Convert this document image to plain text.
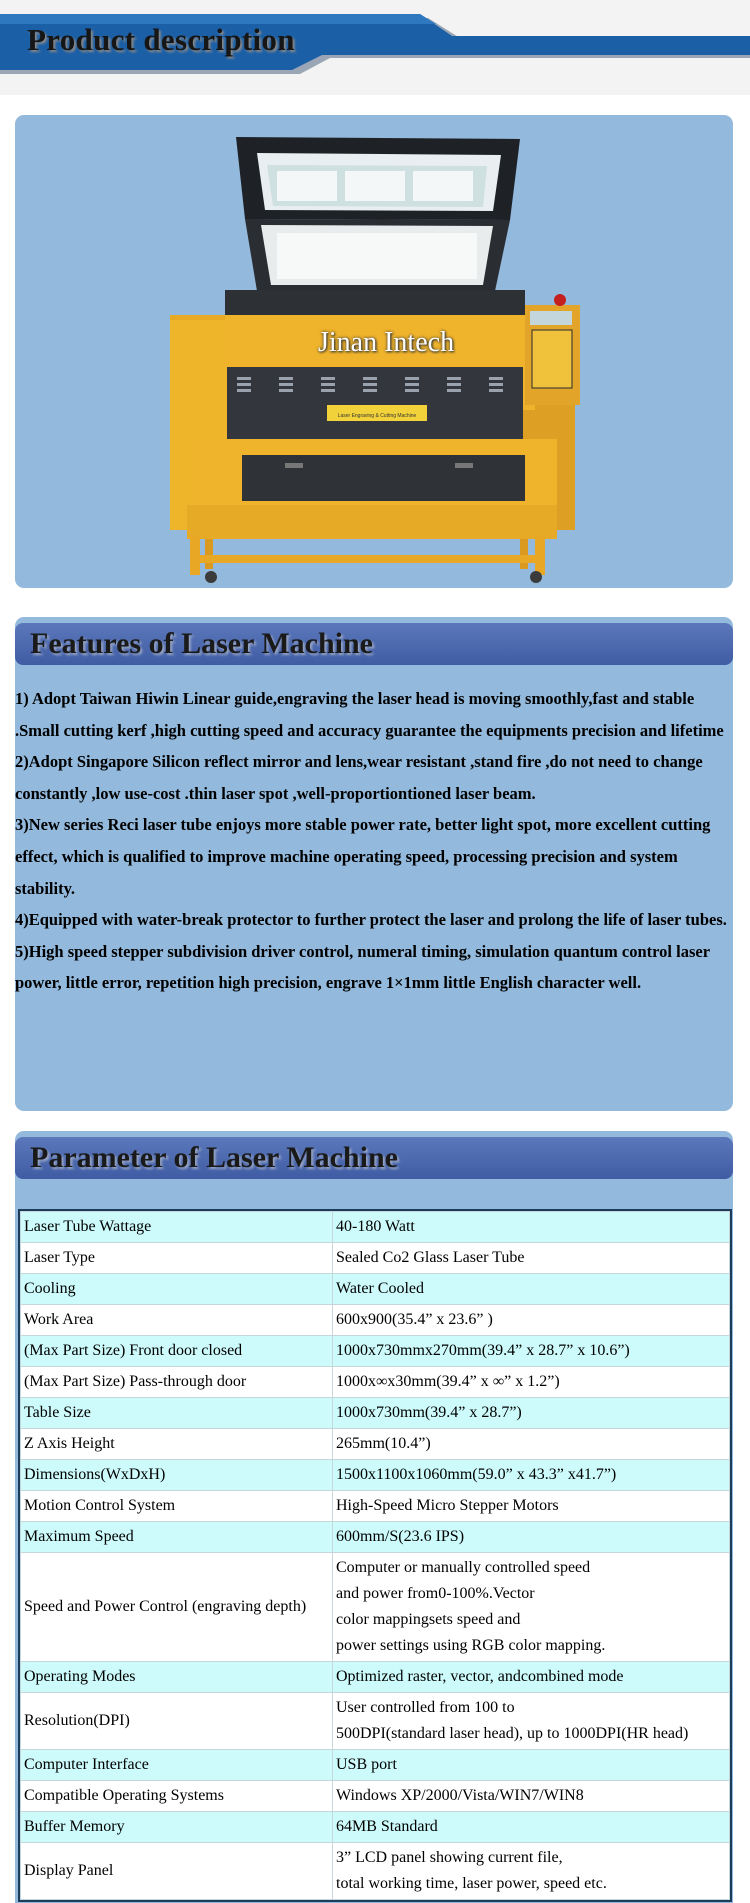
Product description
Jinan Intech
Laser Engraving & Cutting Machine
Features of Laser Machine

1) Adopt Taiwan Hiwin Linear guide,engraving the laser head is moving smoothly,fast and stable .Small cutting kerf ,high cutting speed and accuracy guarantee the equipments precision and lifetime

2)Adopt Singapore Silicon reflect mirror and lens,wear resistant ,stand fire ,do not need to change constantly ,low use-cost .thin laser spot ,well-proportiontioned laser beam.

3)New series Reci laser tube enjoys more stable power rate, better light spot, more excellent cutting effect, which is qualified to improve machine operating speed, processing precision and system stability.

4)Equipped with water-break protector to further protect the laser and prolong the life of laser tubes.

5)High speed stepper subdivision driver control, numeral timing, simulation quantum control laser power, little error, repetition high precision, engrave 1×1mm little English character well.

Parameter of Laser Machine
Laser Tube Wattage	40-180 Watt

Laser Type	Sealed Co2 Glass Laser Tube

Cooling	Water Cooled

Work Area	600x900(35.4” x 23.6” )

(Max Part Size) Front door closed	1000x730mmx270mm(39.4” x 28.7” x 10.6”)

(Max Part Size) Pass-through door	1000x∞x30mm(39.4” x ∞” x 1.2”)

Table Size	1000x730mm(39.4” x 28.7”)

Z Axis Height	265mm(10.4”)

Dimensions(WxDxH)	1500x1100x1060mm(59.0” x 43.3” x41.7”)

Motion Control System	High-Speed Micro Stepper Motors

Maximum Speed	600mm/S(23.6 IPS)

Speed and Power Control (engraving depth)	Computer or manually controlled speed
and power from0-100%.Vector
color mappingsets speed and
power settings using RGB color mapping.

Operating Modes	Optimized raster, vector, andcombined mode

Resolution(DPI)	User controlled from 100 to
500DPI(standard laser head), up to 1000DPI(HR head)

Computer Interface	USB port

Compatible Operating Systems	Windows XP/2000/Vista/WIN7/WIN8

Buffer Memory	64MB Standard

Display Panel	3” LCD panel showing current file,
total working time, laser power, speed etc.
